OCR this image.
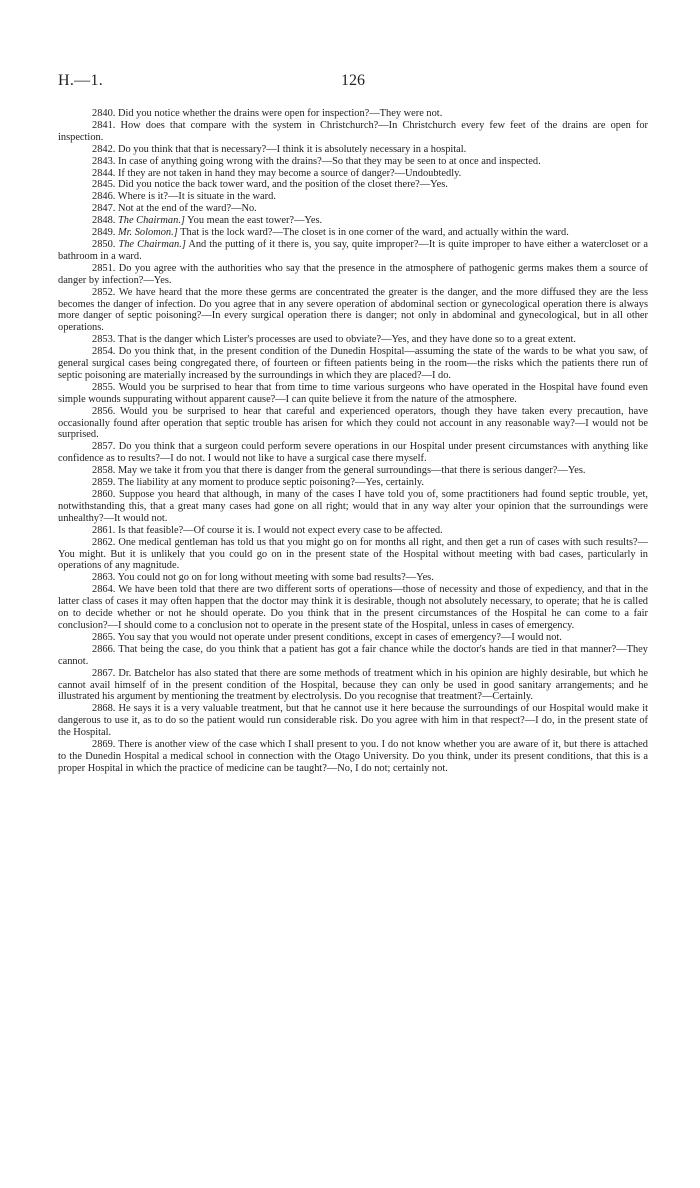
H.—1.	126

2840. Did you notice whether the drains were open for inspection?—They were not.

2841. How does that compare with the system in Christchurch?—In Christchurch every few feet of the drains are open for inspection.

2842. Do you think that that is necessary?—I think it is absolutely necessary in a hospital.

2843. In case of anything going wrong with the drains?—So that they may be seen to at once and inspected.

2844. If they are not taken in hand they may become a source of danger?—Undoubtedly.

2845. Did you notice the back tower ward, and the position of the closet there?—Yes.

2846. Where is it?—It is situate in the ward.

2847. Not at the end of the ward?—No.

2848. The Chairman.] You mean the east tower?—Yes.

2849. Mr. Solomon.] That is the lock ward?—The closet is in one corner of the ward, and actually within the ward.

2850. The Chairman.] And the putting of it there is, you say, quite improper?—It is quite improper to have either a watercloset or a bathroom in a ward.

2851. Do you agree with the authorities who say that the presence in the atmosphere of pathogenic germs makes them a source of danger by infection?—Yes.

2852. We have heard that the more these germs are concentrated the greater is the danger, and the more diffused they are the less becomes the danger of infection. Do you agree that in any severe operation of abdominal section or gynecological operation there is always more danger of septic poisoning?—In every surgical operation there is danger; not only in abdominal and gynecological, but in all other operations.

2853. That is the danger which Lister's processes are used to obviate?—Yes, and they have done so to a great extent.

2854. Do you think that, in the present condition of the Dunedin Hospital—assuming the state of the wards to be what you saw, of general surgical cases being congregated there, of fourteen or fifteen patients being in the room—the risks which the patients there run of septic poisoning are materially increased by the surroundings in which they are placed?—I do.

2855. Would you be surprised to hear that from time to time various surgeons who have operated in the Hospital have found even simple wounds suppurating without apparent cause?—I can quite believe it from the nature of the atmosphere.

2856. Would you be surprised to hear that careful and experienced operators, though they have taken every precaution, have occasionally found after operation that septic trouble has arisen for which they could not account in any reasonable way?—I would not be surprised.

2857. Do you think that a surgeon could perform severe operations in our Hospital under present circumstances with anything like confidence as to results?—I do not. I would not like to have a surgical case there myself.

2858. May we take it from you that there is danger from the general surroundings—that there is serious danger?—Yes.

2859. The liability at any moment to produce septic poisoning?—Yes, certainly.

2860. Suppose you heard that although, in many of the cases I have told you of, some practitioners had found septic trouble, yet, notwithstanding this, that a great many cases had gone on all right; would that in any way alter your opinion that the surroundings were unhealthy?—It would not.

2861. Is that feasible?—Of course it is. I would not expect every case to be affected.

2862. One medical gentleman has told us that you might go on for months all right, and then get a run of cases with such results?—You might. But it is unlikely that you could go on in the present state of the Hospital without meeting with bad cases, particularly in operations of any magnitude.

2863. You could not go on for long without meeting with some bad results?—Yes.

2864. We have been told that there are two different sorts of operations—those of necessity and those of expediency, and that in the latter class of cases it may often happen that the doctor may think it is desirable, though not absolutely necessary, to operate; that he is called on to decide whether or not he should operate. Do you think that in the present circumstances of the Hospital he can come to a fair conclusion?—I should come to a conclusion not to operate in the present state of the Hospital, unless in cases of emergency.

2865. You say that you would not operate under present conditions, except in cases of emergency?—I would not.

2866. That being the case, do you think that a patient has got a fair chance while the doctor's hands are tied in that manner?—They cannot.

2867. Dr. Batchelor has also stated that there are some methods of treatment which in his opinion are highly desirable, but which he cannot avail himself of in the present condition of the Hospital, because they can only be used in good sanitary arrangements; and he illustrated his argument by mentioning the treatment by electrolysis. Do you recognise that treatment?—Certainly.

2868. He says it is a very valuable treatment, but that he cannot use it here because the surroundings of our Hospital would make it dangerous to use it, as to do so the patient would run considerable risk. Do you agree with him in that respect?—I do, in the present state of the Hospital.

2869. There is another view of the case which I shall present to you. I do not know whether you are aware of it, but there is attached to the Dunedin Hospital a medical school in connection with the Otago University. Do you think, under its present conditions, that this is a proper Hospital in which the practice of medicine can be taught?—No, I do not; certainly not.
